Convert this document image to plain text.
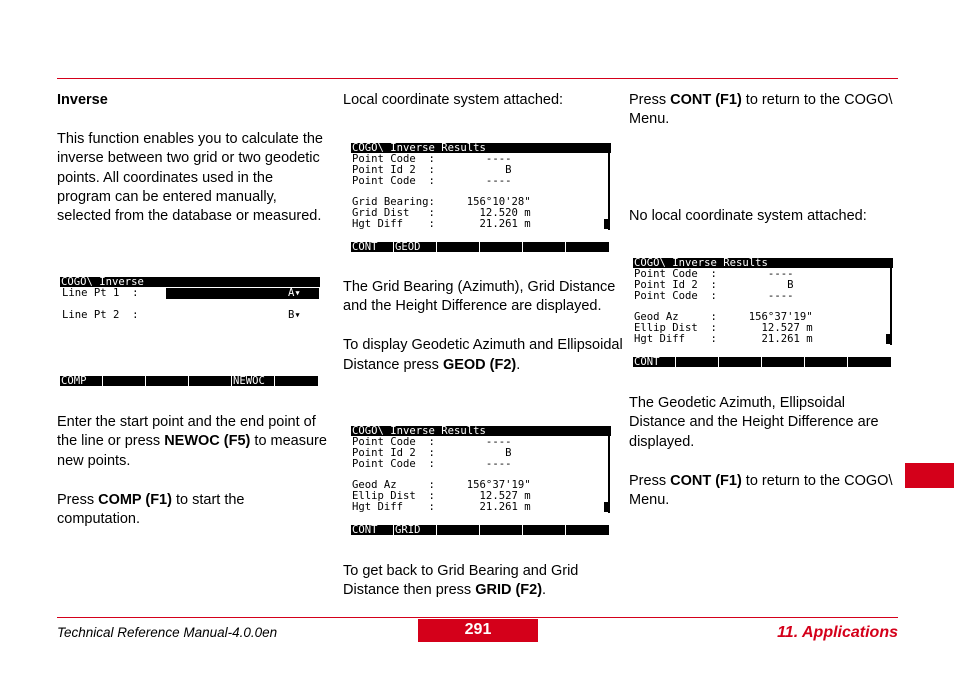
Inverse

This function enables you to calculate the inverse between two grid or two geodetic points. All coordinates used in the program can be entered manually, selected from the database or measured.

COGO\ Inverse
Line Pt 1  :	A▾
Line Pt 2  :	B▾
COMP	NEWOC

Enter the start point and the end point of the line or press NEWOC (F5) to measure new points.

Press COMP (F1) to start the computation.

Local coordinate system attached:

COGO\ Inverse Results
Point Code  :        ----
Point Id 2  :           B
Point Code  :        ----
Grid Bearing:     156°10'28"
Grid Dist   :       12.520 m
Hgt Diff    :       21.261 m
CONT	GEOD

The Grid Bearing (Azimuth), Grid Distance and the Height Difference are displayed.

To display Geodetic Azimuth and Ellipsoidal Distance press GEOD (F2).

COGO\ Inverse Results
Point Code  :        ----
Point Id 2  :           B
Point Code  :        ----
Geod Az     :     156°37'19"
Ellip Dist  :       12.527 m
Hgt Diff    :       21.261 m
CONT	GRID

To get back to Grid Bearing and Grid Distance then press GRID (F2).

Press CONT (F1) to return to the COGO\ Menu.

No local coordinate system attached:

COGO\ Inverse Results
Point Code  :        ----
Point Id 2  :           B
Point Code  :        ----
Geod Az     :     156°37'19"
Ellip Dist  :       12.527 m
Hgt Diff    :       21.261 m
CONT

The Geodetic Azimuth, Ellipsoidal Distance and the Height Difference are displayed.

Press CONT (F1) to return to the COGO\ Menu.

Technical Reference Manual-4.0.0en	291	11. Applications
